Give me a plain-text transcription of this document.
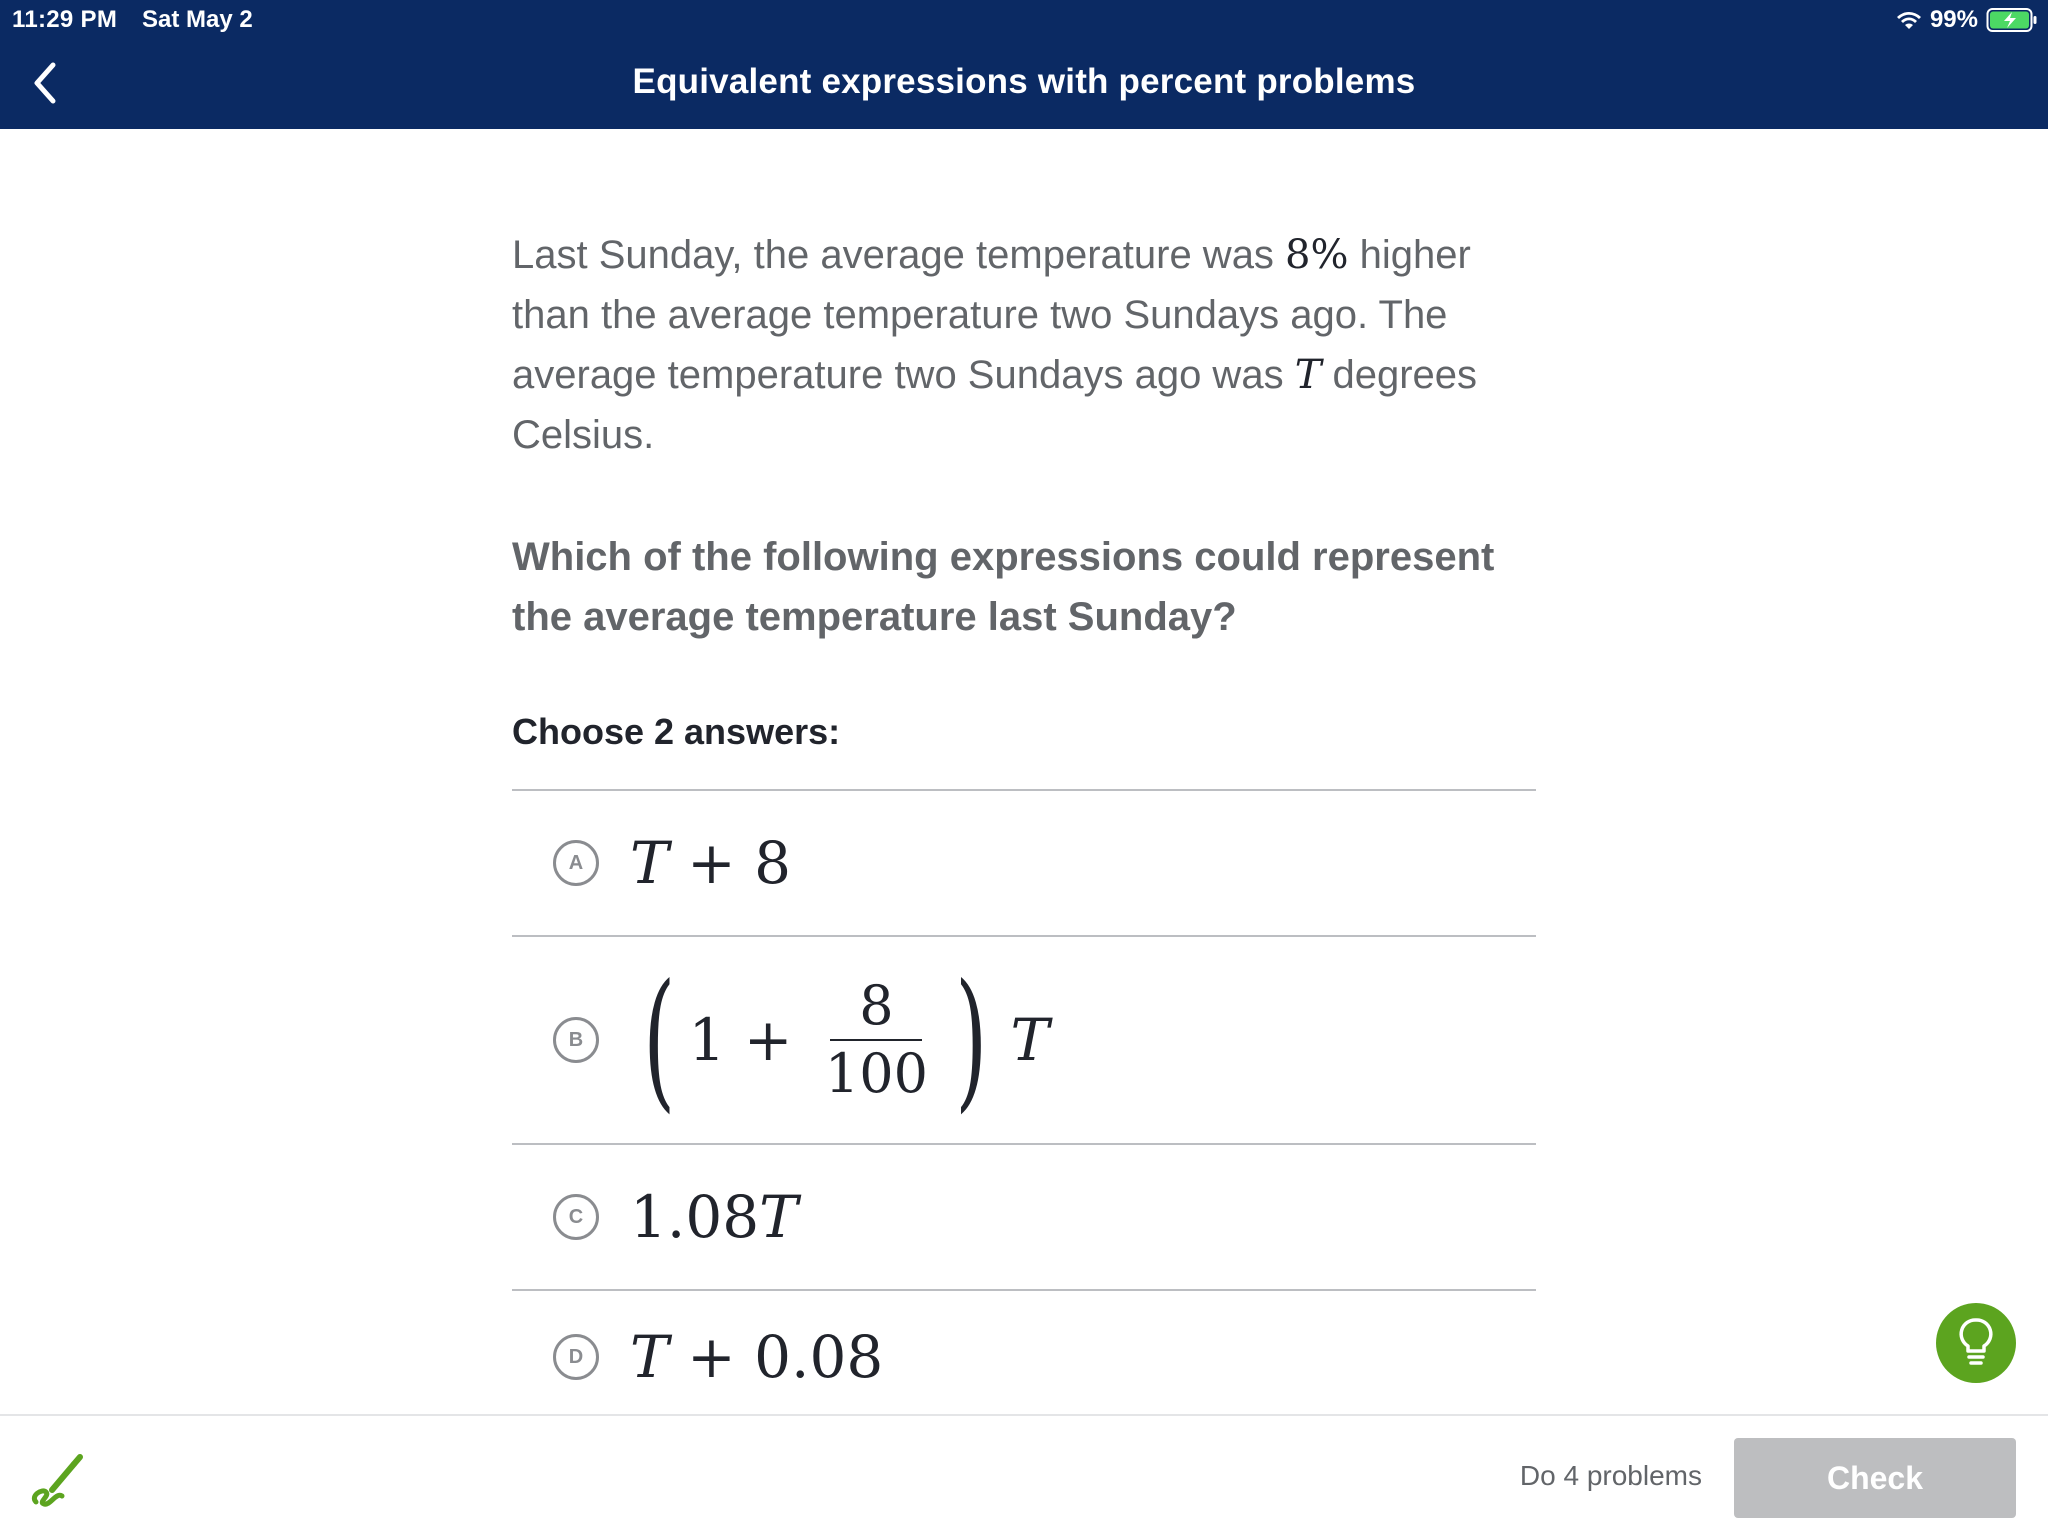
11:29 PM Sat May 2	99%
Equivalent expressions with percent problems

Last Sunday, the average temperature was 8% higher than the average temperature two Sundays ago. The average temperature two Sundays ago was T degrees Celsius.

Which of the following expressions could represent the average temperature last Sunday?

Choose 2 answers:

A T + 8
B ( $1 + \frac{8}{100}$ ) T
C 1.08 T
D T + 0.08
Do 4 problems	Check
